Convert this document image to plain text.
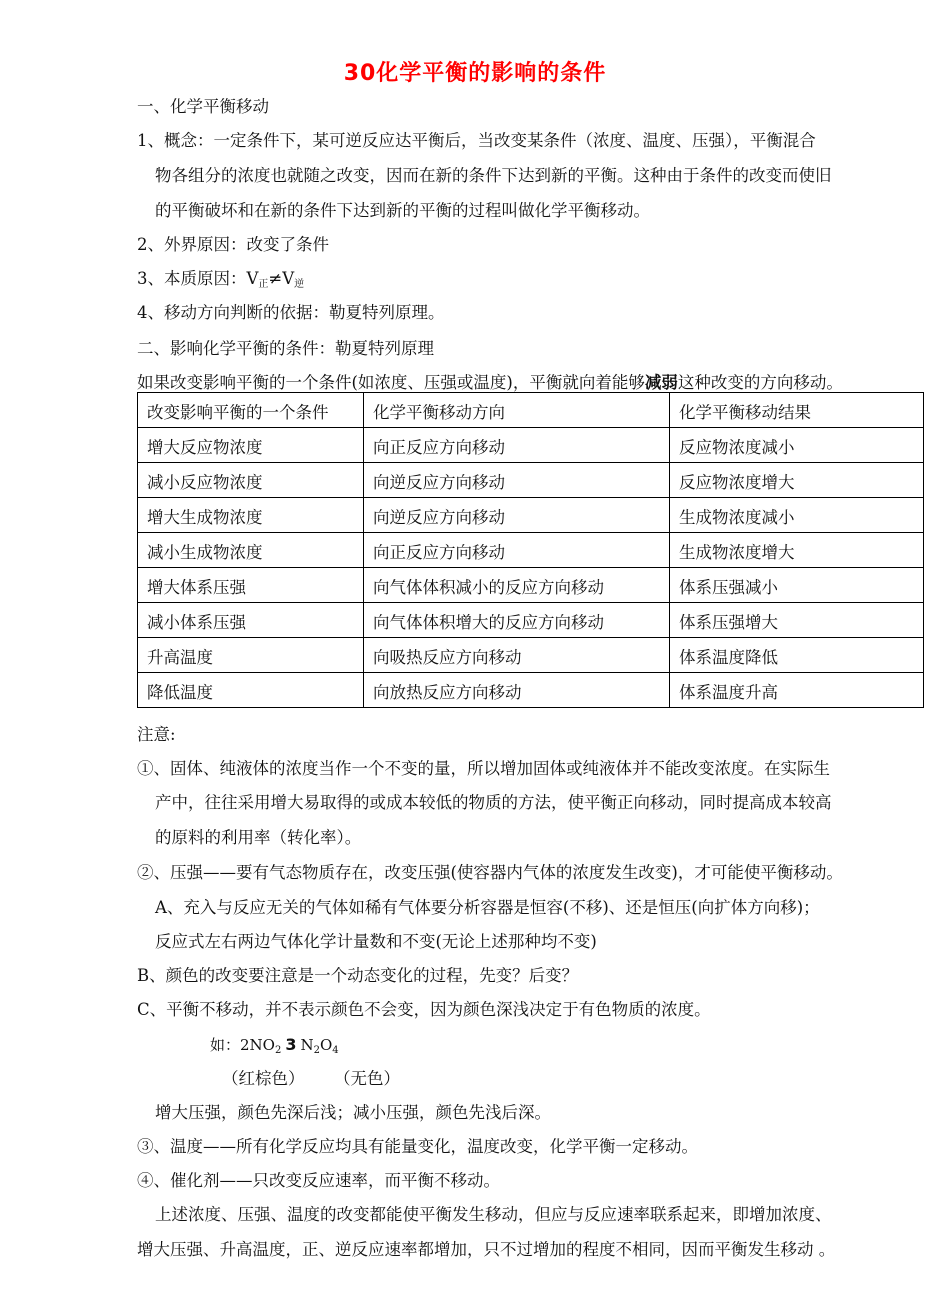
30化学平衡的影响的条件
一、化学平衡移动
1、概念：一定条件下，某可逆反应达平衡后，当改变某条件（浓度、温度、压强），平衡混合
物各组分的浓度也就随之改变，因而在新的条件下达到新的平衡。这种由于条件的改变而使旧
的平衡破坏和在新的条件下达到新的平衡的过程叫做化学平衡移动。
2、外界原因：改变了条件
3、本质原因：$V_正\ne V_逆$
4、移动方向判断的依据：勒夏特列原理。
二、影响化学平衡的条件：勒夏特列原理
如果改变影响平衡的一个条件(如浓度、压强或温度)，平衡就向着能够减弱这种改变的方向移动。
改变影响平衡的一个条件	化学平衡移动方向	化学平衡移动结果
增大反应物浓度	向正反应方向移动	反应物浓度减小
减小反应物浓度	向逆反应方向移动	反应物浓度增大
增大生成物浓度	向逆反应方向移动	生成物浓度减小
减小生成物浓度	向正反应方向移动	生成物浓度增大
增大体系压强	向气体体积减小的反应方向移动	体系压强减小
减小体系压强	向气体体积增大的反应方向移动	体系压强增大
升高温度	向吸热反应方向移动	体系温度降低
降低温度	向放热反应方向移动	体系温度升高
注意:
①、固体、纯液体的浓度当作一个不变的量，所以增加固体或纯液体并不能改变浓度。在实际生
产中，往往采用增大易取得的或成本较低的物质的方法，使平衡正向移动，同时提高成本较高
的原料的利用率（转化率）。
②、压强——要有气态物质存在，改变压强(使容器内气体的浓度发生改变)，才可能使平衡移动。
A、充入与反应无关的气体如稀有气体要分析容器是恒容(不移)、还是恒压(向扩体方向移)；
反应式左右两边气体化学计量数和不变(无论上述那种均不变)
B、颜色的改变要注意是一个动态变化的过程，先变？后变？
C、平衡不移动，并不表示颜色不会变，因为颜色深浅决定于有色物质的浓度。
如：$2NO_2$ 3 $N_2O_4$
（红棕色） （无色）
增大压强，颜色先深后浅；减小压强，颜色先浅后深。
③、温度——所有化学反应均具有能量变化，温度改变，化学平衡一定移动。
④、催化剂——只改变反应速率，而平衡不移动。
上述浓度、压强、温度的改变都能使平衡发生移动，但应与反应速率联系起来，即增加浓度、
增大压强、升高温度，正、逆反应速率都增加，只不过增加的程度不相同，因而平衡发生移动 。
